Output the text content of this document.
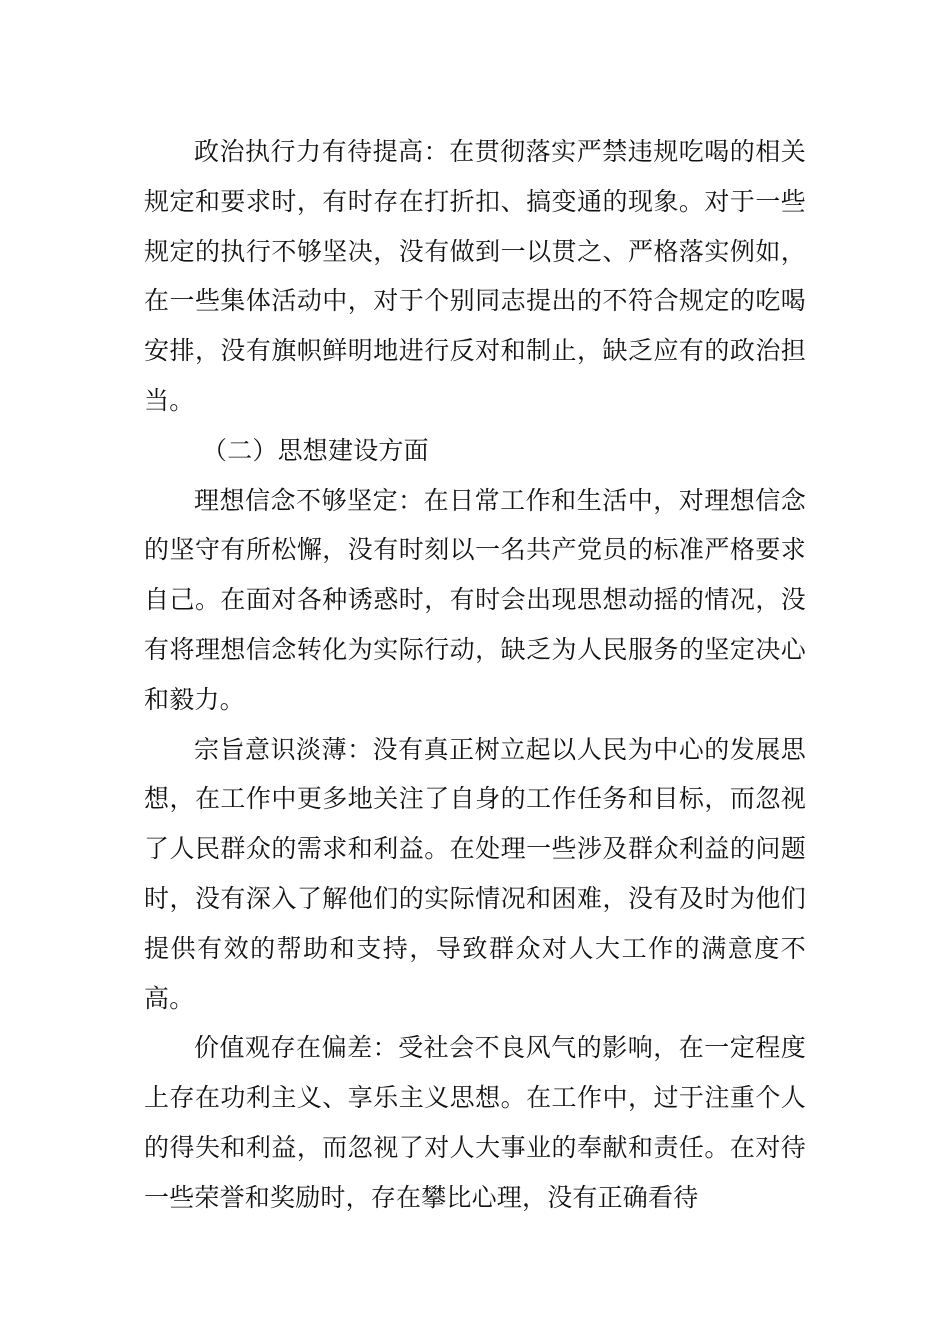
政治执行力有待提高：在贯彻落实严禁违规吃喝的相关规定和要求时，有时存在打折扣、搞变通的现象。对于一些规定的执行不够坚决，没有做到一以贯之、严格落实例如，在一些集体活动中，对于个别同志提出的不符合规定的吃喝安排，没有旗帜鲜明地进行反对和制止，缺乏应有的政治担当。

（二）思想建设方面

理想信念不够坚定：在日常工作和生活中，对理想信念的坚守有所松懈，没有时刻以一名共产党员的标准严格要求自己。在面对各种诱惑时，有时会出现思想动摇的情况，没有将理想信念转化为实际行动，缺乏为人民服务的坚定决心和毅力。

宗旨意识淡薄：没有真正树立起以人民为中心的发展思想，在工作中更多地关注了自身的工作任务和目标，而忽视了人民群众的需求和利益。在处理一些涉及群众利益的问题时，没有深入了解他们的实际情况和困难，没有及时为他们提供有效的帮助和支持，导致群众对人大工作的满意度不高。

价值观存在偏差：受社会不良风气的影响，在一定程度上存在功利主义、享乐主义思想。在工作中，过于注重个人的得失和利益，而忽视了对人大事业的奉献和责任。在对待一些荣誉和奖励时，存在攀比心理，没有正确看待
